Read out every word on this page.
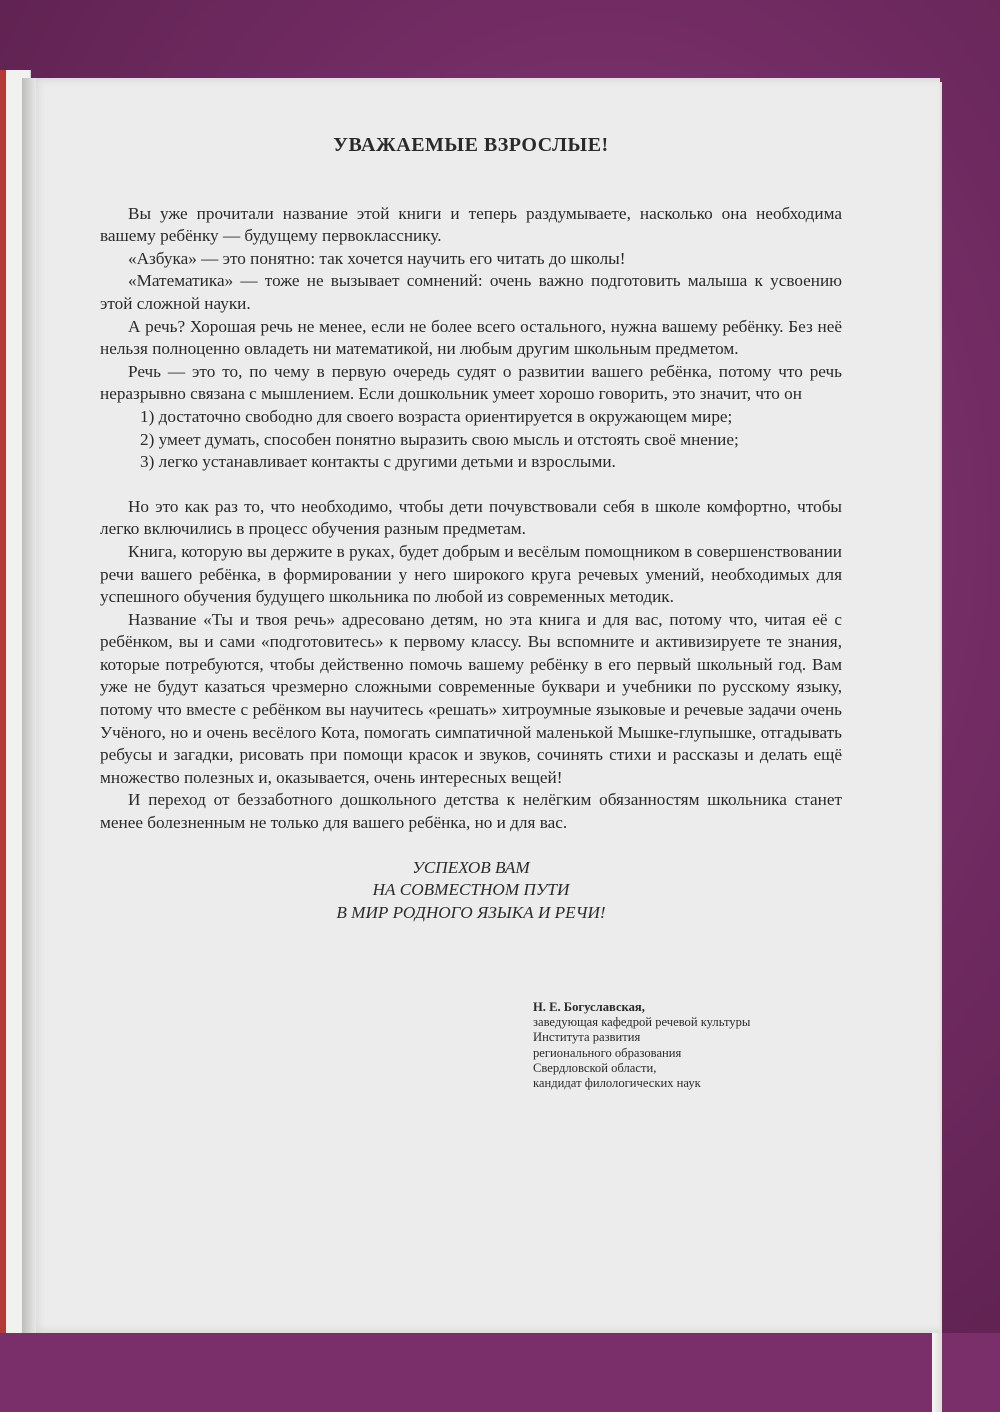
УВАЖАЕМЫЕ ВЗРОСЛЫЕ!

Вы уже прочитали название этой книги и теперь раздумываете, насколько она необходима вашему ребёнку — будущему первокласснику.

«Азбука» — это понятно: так хочется научить его читать до школы!

«Математика» — тоже не вызывает сомнений: очень важно подготовить малыша к усвоению этой сложной науки.

А речь? Хорошая речь не менее, если не более всего остального, нужна вашему ребёнку. Без неё нельзя полноценно овладеть ни математикой, ни любым другим школьным предметом.

Речь — это то, по чему в первую очередь судят о развитии вашего ребёнка, потому что речь неразрывно связана с мышлением. Если дошкольник умеет хорошо говорить, это значит, что он

1) достаточно свободно для своего возраста ориентируется в окружающем мире;

2) умеет думать, способен понятно выразить свою мысль и отстоять своё мнение;

3) легко устанавливает контакты с другими детьми и взрослыми.

Но это как раз то, что необходимо, чтобы дети почувствовали себя в школе комфортно, чтобы легко включились в процесс обучения разным предметам.

Книга, которую вы держите в руках, будет добрым и весёлым помощником в совершенствовании речи вашего ребёнка, в формировании у него широкого круга речевых умений, необходимых для успешного обучения будущего школьника по любой из современных методик.

Название «Ты и твоя речь» адресовано детям, но эта книга и для вас, потому что, читая её с ребёнком, вы и сами «подготовитесь» к первому классу. Вы вспомните и активизируете те знания, которые потребуются, чтобы действенно помочь вашему ребёнку в его первый школьный год. Вам уже не будут казаться чрезмерно сложными современные буквари и учебники по русскому языку, потому что вместе с ребёнком вы научитесь «решать» хитроумные языковые и речевые задачи очень Учёного, но и очень весёлого Кота, помогать симпатичной маленькой Мышке-глупышке, отгадывать ребусы и загадки, рисовать при помощи красок и звуков, сочинять стихи и рассказы и делать ещё множество полезных и, оказывается, очень интересных вещей!

И переход от беззаботного дошкольного детства к нелёгким обязанностям школьника станет менее болезненным не только для вашего ребёнка, но и для вас.

УСПЕХОВ ВАМ
НА СОВМЕСТНОМ ПУТИ
В МИР РОДНОГО ЯЗЫКА И РЕЧИ!
Н. Е. Богуславская,
заведующая кафедрой речевой культуры
Института развития
регионального образования
Свердловской области,
кандидат филологических наук
